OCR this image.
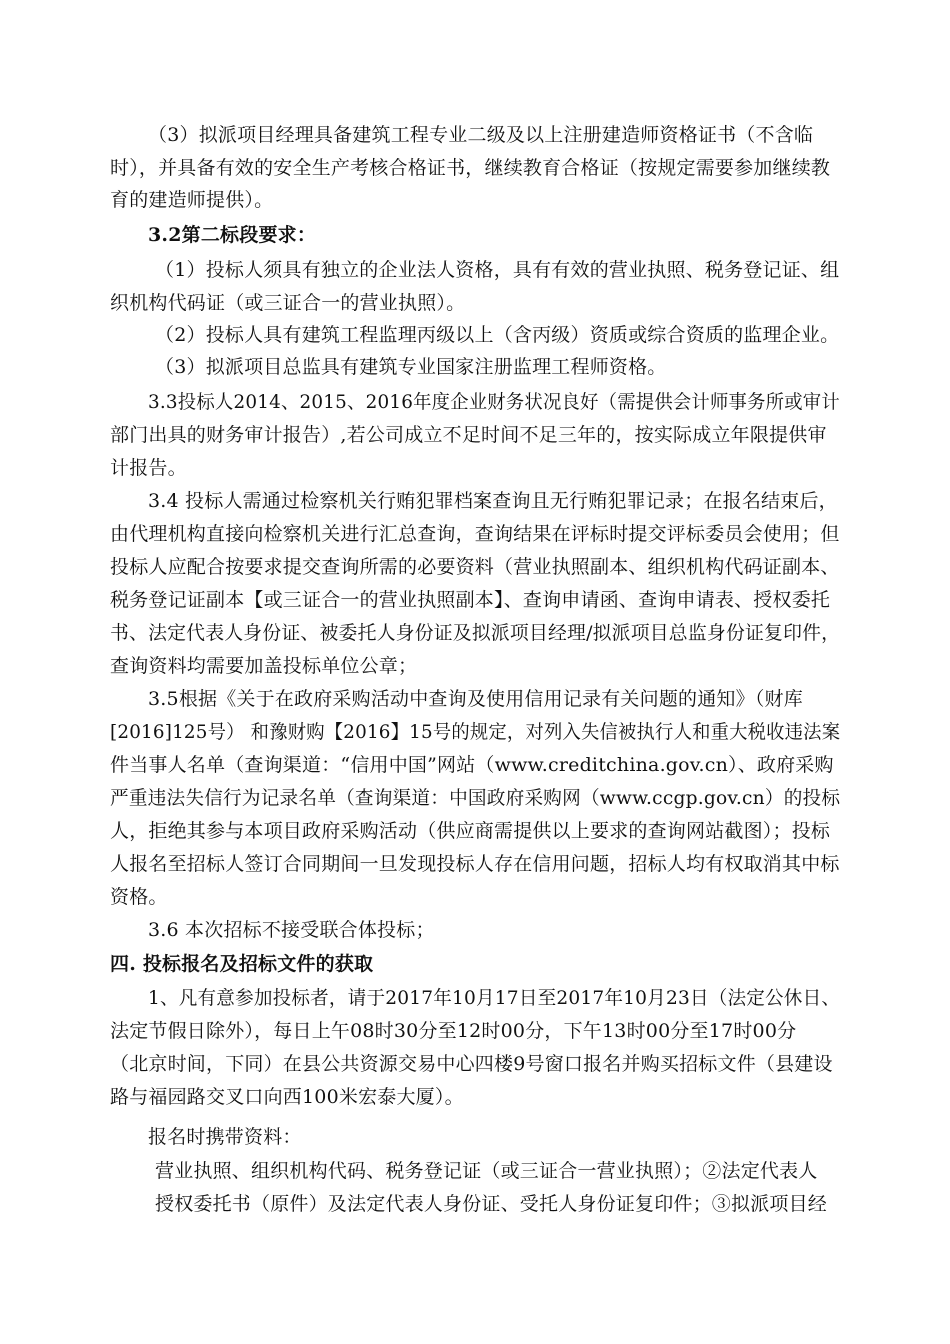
（3）拟派项目经理具备建筑工程专业二级及以上注册建造师资格证书（不含临
时），并具备有效的安全生产考核合格证书，继续教育合格证（按规定需要参加继续教
育的建造师提供）。
3.2第二标段要求：
（1）投标人须具有独立的企业法人资格，具有有效的营业执照、税务登记证、组
织机构代码证（或三证合一的营业执照）。
（2）投标人具有建筑工程监理丙级以上（含丙级）资质或综合资质的监理企业。
（3）拟派项目总监具有建筑专业国家注册监理工程师资格。
3.3投标人2014、2015、2016年度企业财务状况良好（需提供会计师事务所或审计
部门出具的财务审计报告）,若公司成立不足时间不足三年的，按实际成立年限提供审
计报告。
3.4 投标人需通过检察机关行贿犯罪档案查询且无行贿犯罪记录；在报名结束后，
由代理机构直接向检察机关进行汇总查询，查询结果在评标时提交评标委员会使用；但
投标人应配合按要求提交查询所需的必要资料（营业执照副本、组织机构代码证副本、
税务登记证副本【或三证合一的营业执照副本】、查询申请函、查询申请表、授权委托
书、法定代表人身份证、被委托人身份证及拟派项目经理/拟派项目总监身份证复印件，
查询资料均需要加盖投标单位公章；
3.5根据《关于在政府采购活动中查询及使用信用记录有关问题的通知》（财库
[2016]125号） 和豫财购【2016】15号的规定，对列入失信被执行人和重大税收违法案
件当事人名单（查询渠道：“信用中国”网站（www.creditchina.gov.cn）、政府采购
严重违法失信行为记录名单（查询渠道：中国政府采购网（www.ccgp.gov.cn）的投标
人，拒绝其参与本项目政府采购活动（供应商需提供以上要求的查询网站截图）；投标
人报名至招标人签订合同期间一旦发现投标人存在信用问题，招标人均有权取消其中标
资格。
3.6 本次招标不接受联合体投标；
四. 投标报名及招标文件的获取
1、凡有意参加投标者，请于2017年10月17日至2017年10月23日（法定公休日、
法定节假日除外），每日上午08时30分至12时00分，下午13时00分至17时00分
（北京时间，下同）在县公共资源交易中心四楼9号窗口报名并购买招标文件（县建设
路与福园路交叉口向西100米宏泰大厦）。
报名时携带资料：
营业执照、组织机构代码、税务登记证（或三证合一营业执照）；②法定代表人
授权委托书（原件）及法定代表人身份证、受托人身份证复印件；③拟派项目经
